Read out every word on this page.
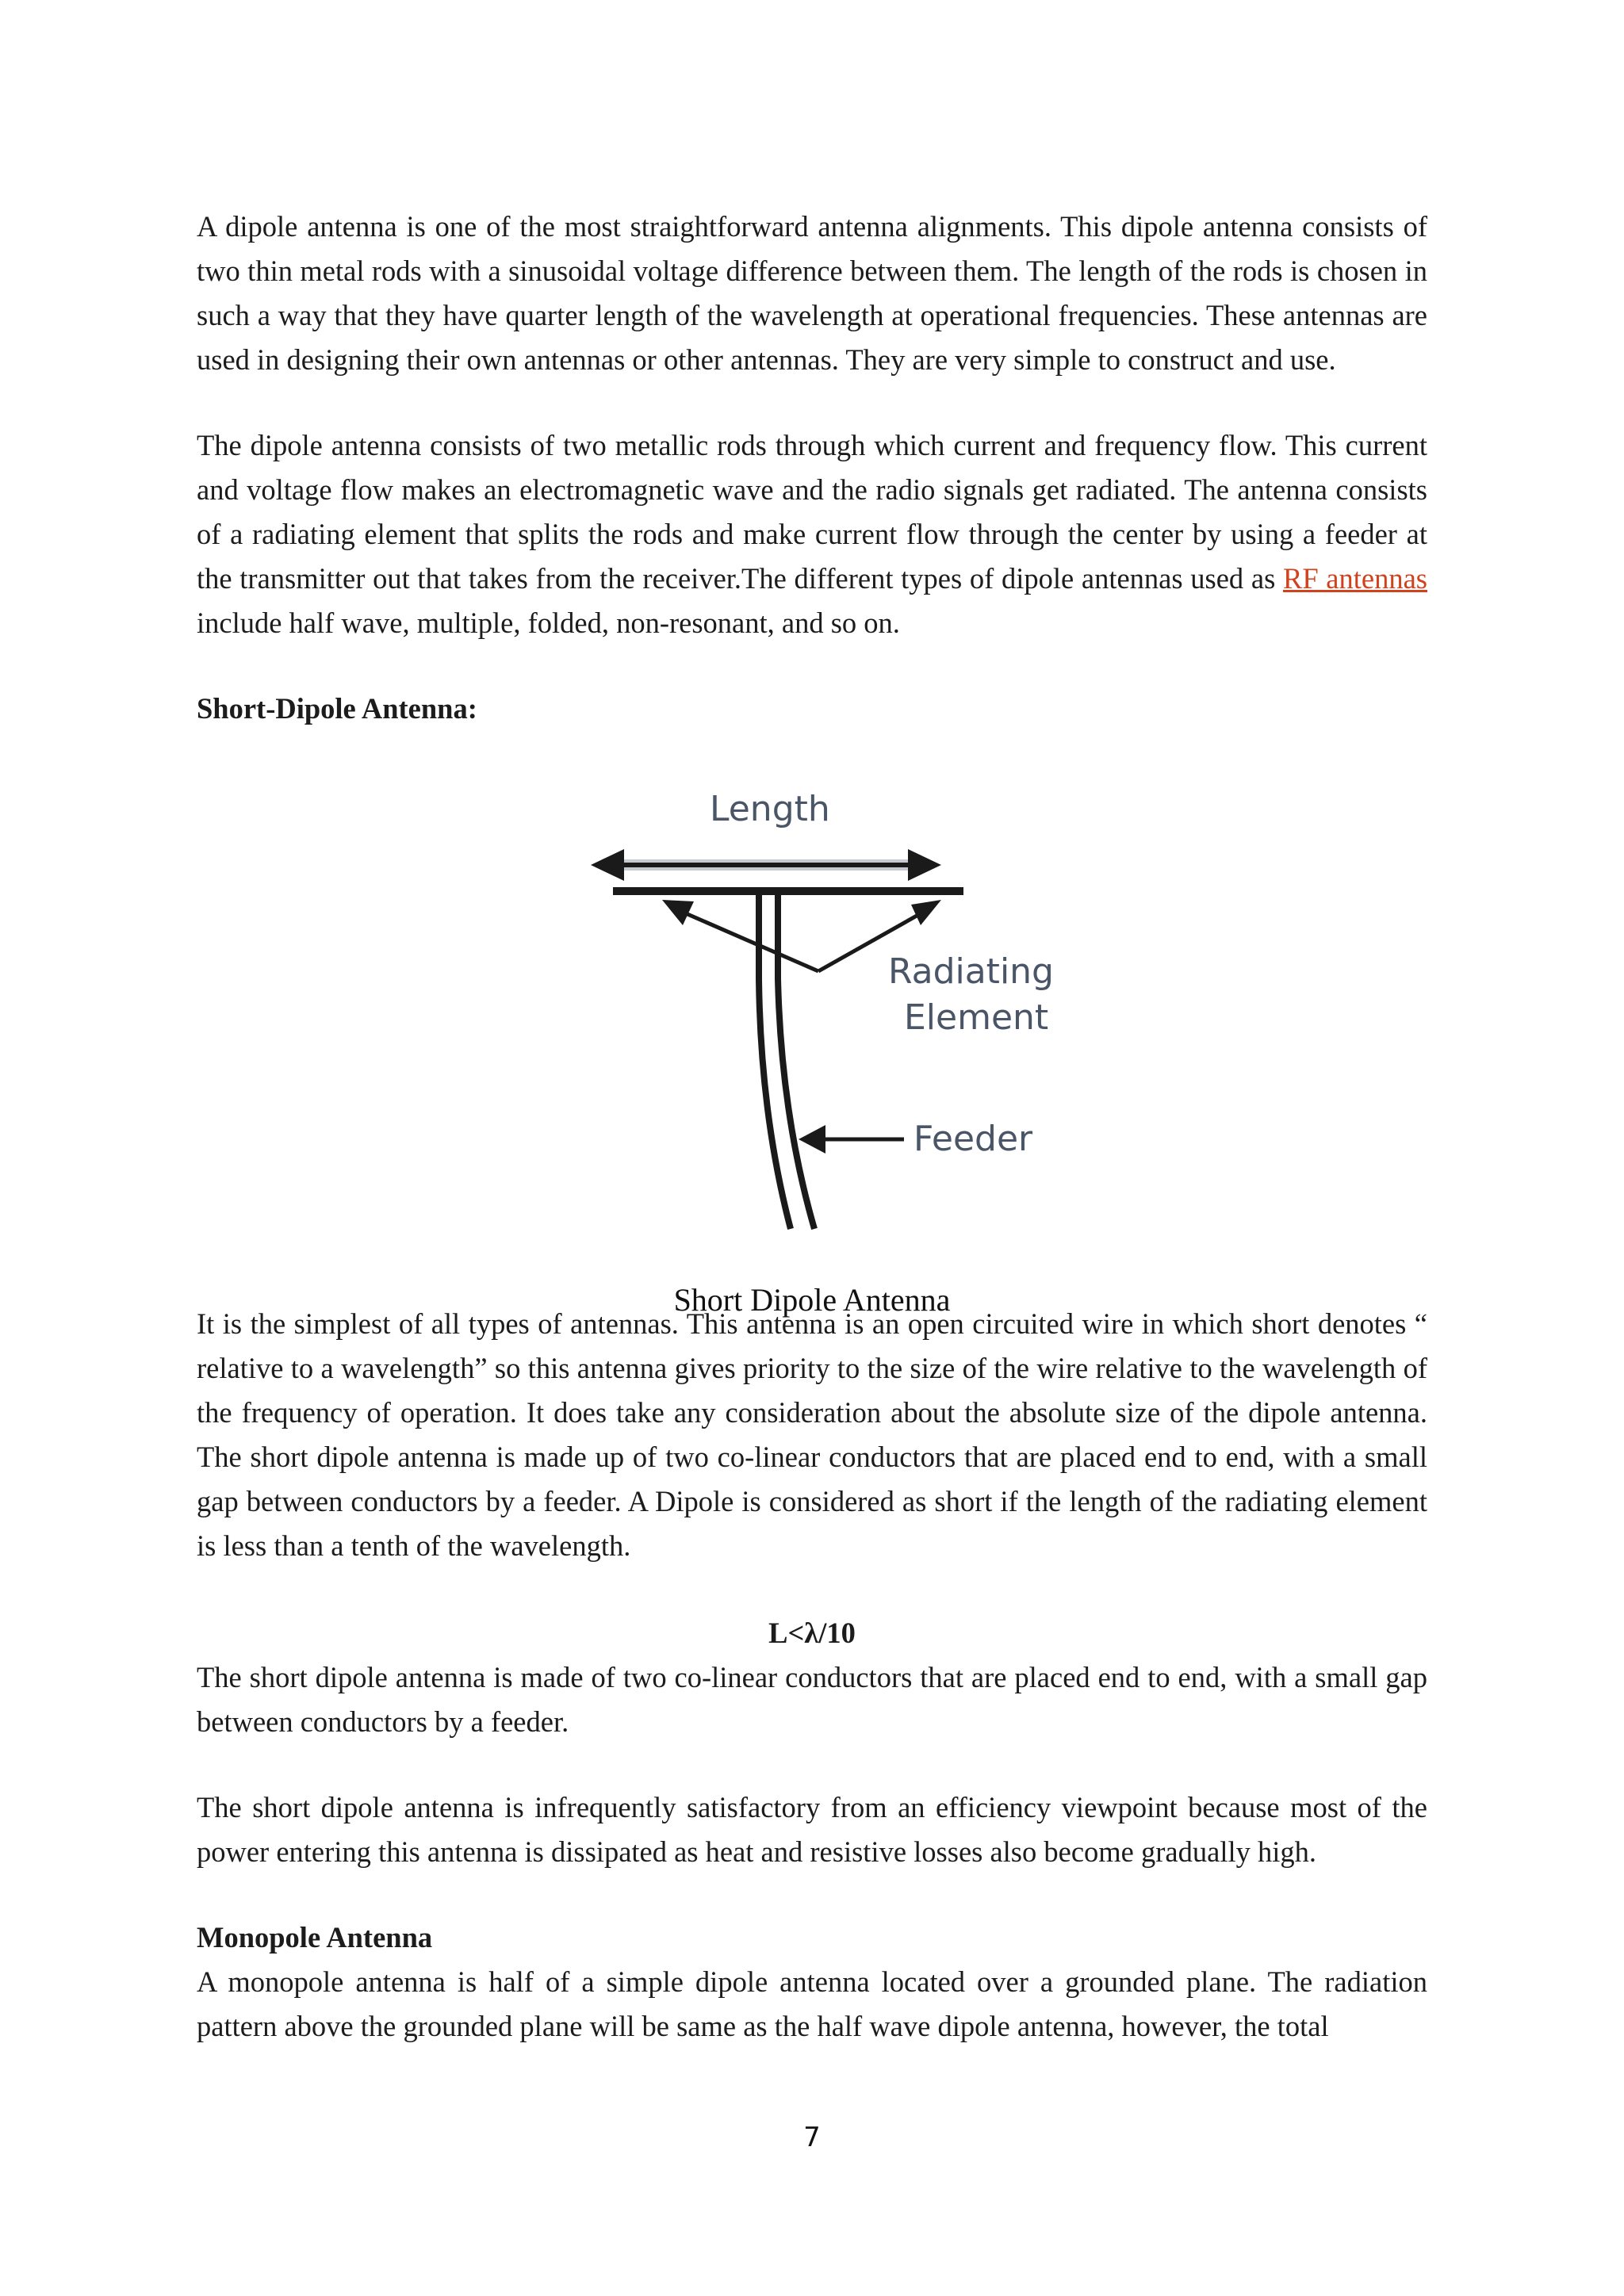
A dipole antenna is one of the most straightforward antenna alignments. This dipole antenna consists of two thin metal rods with a sinusoidal voltage difference between them. The length of the rods is chosen in such a way that they have quarter length of the wavelength at operational frequencies. These antennas are used in designing their own antennas or other antennas. They are very simple to construct and use.

The dipole antenna consists of two metallic rods through which current and frequency flow. This current and voltage flow makes an electromagnetic wave and the radio signals get radiated. The antenna consists of a radiating element that splits the rods and make current flow through the center by using a feeder at the transmitter out that takes from the receiver.The different types of dipole antennas used as RF antennas include half wave, multiple, folded, non-resonant, and so on.

Short-Dipole Antenna:

It is the simplest of all types of antennas. This antenna is an open circuited wire in which short denotes “ relative to a wavelength” so this antenna gives priority to the size of the wire relative to the wavelength of the frequency of operation. It does take any consideration about the absolute size of the dipole antenna. The short dipole antenna is made up of two co-linear conductors that are placed end to end, with a small gap between conductors by a feeder. A Dipole is considered as short if the length of the radiating element is less than a tenth of the wavelength.

L<λ/10

The short dipole antenna is made of two co-linear conductors that are placed end to end, with a small gap between conductors by a feeder.

The short dipole antenna is infrequently satisfactory from an efficiency viewpoint because most of the power entering this antenna is dissipated as heat and resistive losses also become gradually high.

Monopole Antenna

A monopole antenna is half of a simple dipole antenna located over a grounded plane. The radiation pattern above the grounded plane will be same as the half wave dipole antenna, however, the total

Length
Radiating
Element
Feeder
Short Dipole Antenna
7
